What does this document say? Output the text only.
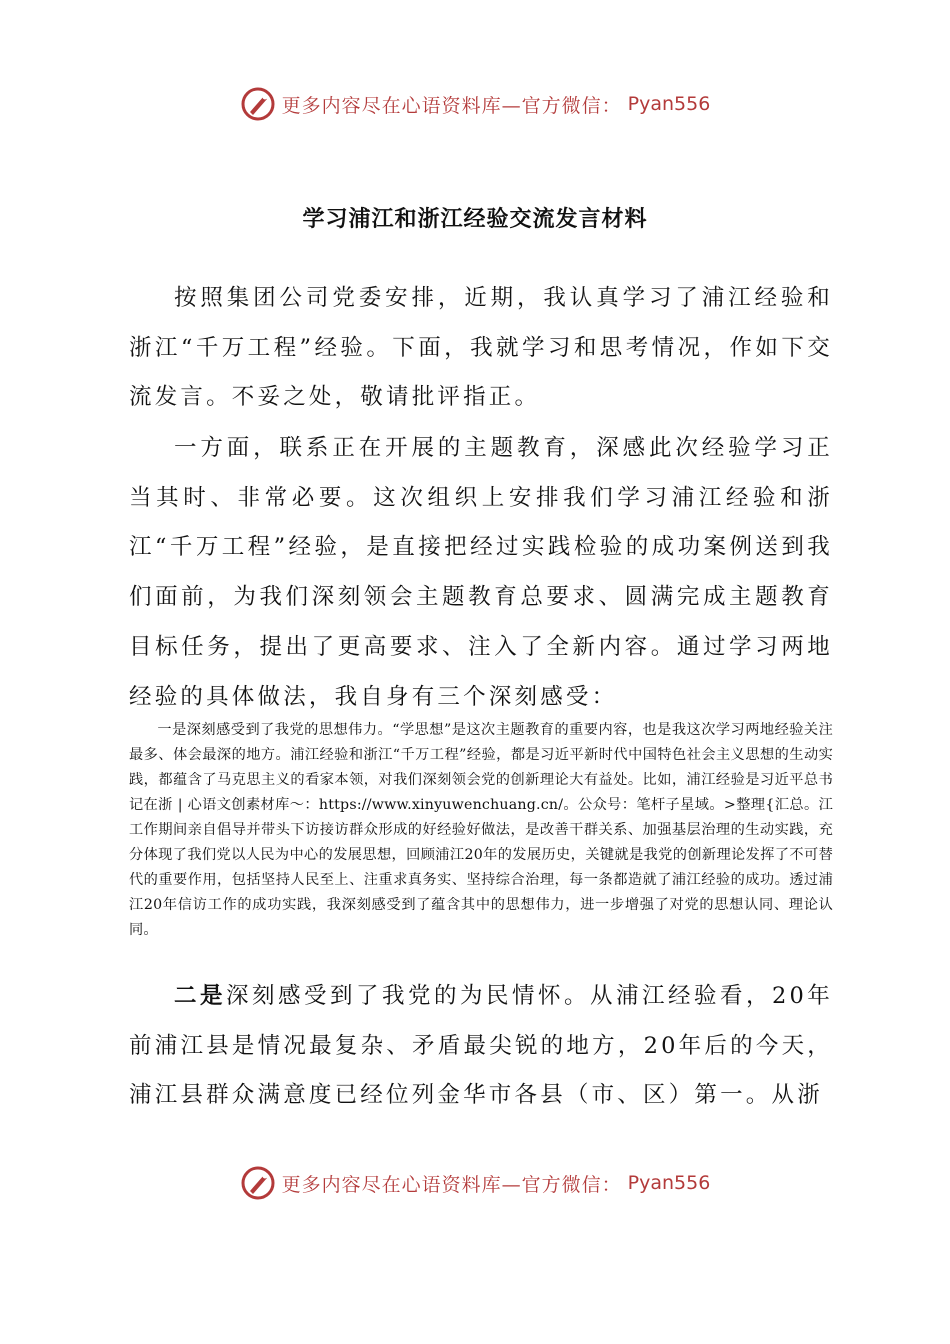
更多内容尽在心语资料库—官方微信： Pyan556
学习浦江和浙江经验交流发言材料

按照集团公司党委安排，近期，我认真学习了浦江经验和浙江“千万工程”经验。下面，我就学习和思考情况，作如下交流发言。不妥之处，敬请批评指正。

一方面，联系正在开展的主题教育，深感此次经验学习正当其时、非常必要。这次组织上安排我们学习浦江经验和浙江“千万工程”经验，是直接把经过实践检验的成功案例送到我们面前，为我们深刻领会主题教育总要求、圆满完成主题教育目标任务，提出了更高要求、注入了全新内容。通过学习两地经验的具体做法，我自身有三个深刻感受：

一是深刻感受到了我党的思想伟力。“学思想”是这次主题教育的重要内容，也是我这次学习两地经验关注最多、体会最深的地方。浦江经验和浙江“千万工程”经验，都是习近平新时代中国特色社会主义思想的生动实践，都蕴含了马克思主义的看家本领，对我们深刻领会党的创新理论大有益处。比如，浦江经验是习近平总书记在浙 | 心语文创素材库～：https://www.xinyuwenchuang.cn/。公众号：笔杆子星域。>整理{汇总。江工作期间亲自倡导并带头下访接访群众形成的好经验好做法，是改善干群关系、加强基层治理的生动实践，充分体现了我们党以人民为中心的发展思想，回顾浦江20年的发展历史，关键就是我党的创新理论发挥了不可替代的重要作用，包括坚持人民至上、注重求真务实、坚持综合治理，每一条都造就了浦江经验的成功。透过浦江20年信访工作的成功实践，我深刻感受到了蕴含其中的思想伟力，进一步增强了对党的思想认同、理论认同。

二是深刻感受到了我党的为民情怀。从浦江经验看，20年前浦江县是情况最复杂、矛盾最尖锐的地方，20年后的今天，浦江县群众满意度已经位列金华市各县（市、区）第一。从浙

更多内容尽在心语资料库—官方微信： Pyan556
